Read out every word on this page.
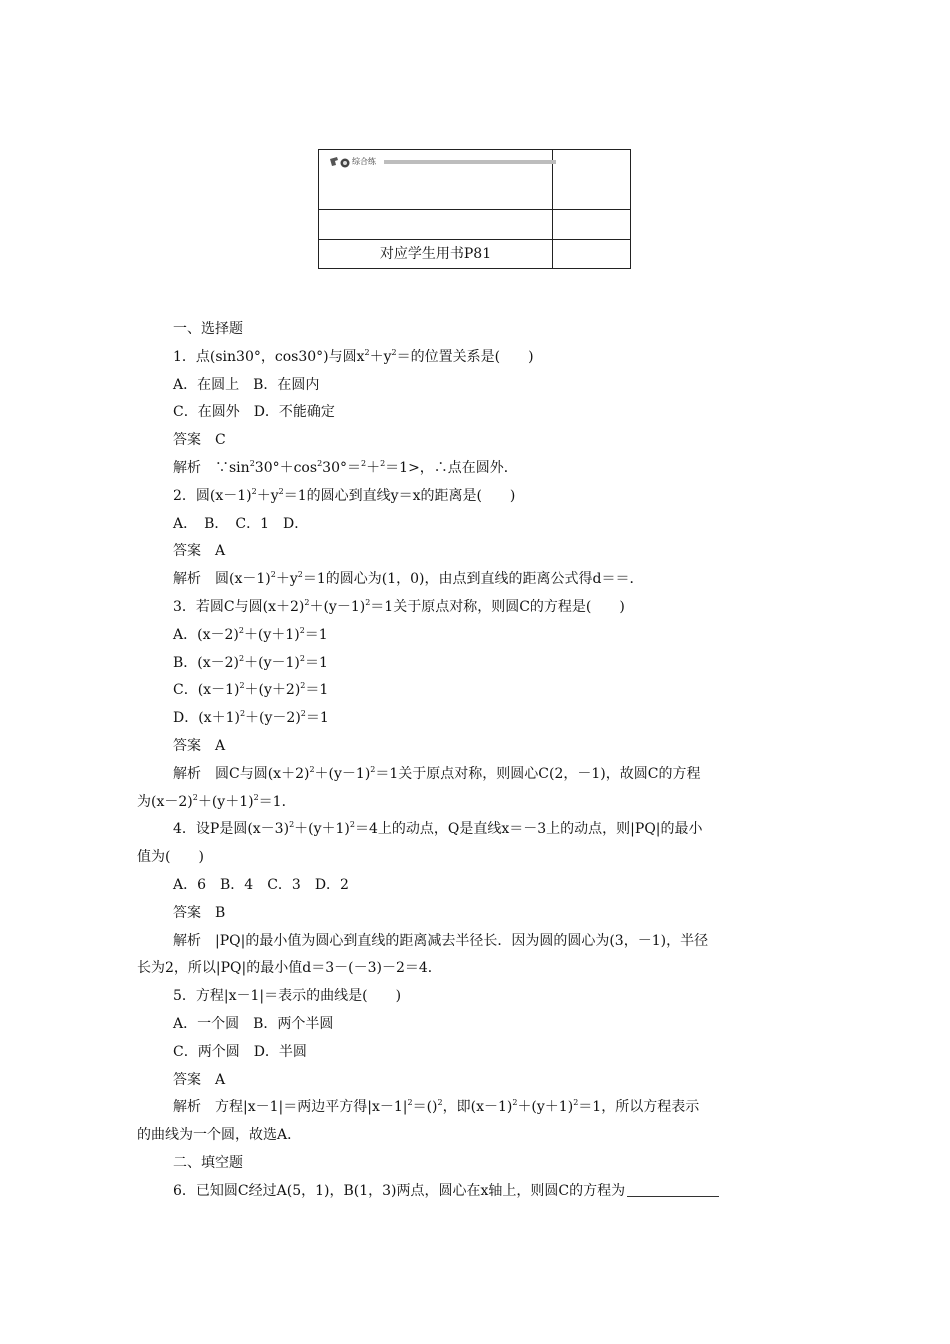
综合练
对应学生用书P81
一、选择题
1．点(sin30°，cos30°)与圆$x^2+y^2=$的位置关系是(　　)
A．在圆上　B．在圆内
C．在圆外　D．不能确定
答案　C
解析　$\because\sin^230^\circ+\cos^230^\circ=^2+^2=1>$，∴点在圆外．
2．圆$(x-1)^2+y^2=1$的圆心到直线y＝x的距离是(　　)
A．　B．　C．1　D．
答案　A
解析　圆$(x-1)^2+y^2=1$的圆心为(1，0)，由点到直线的距离公式得d＝＝．
3．若圆C与圆$(x+2)^2+(y-1)^2=1$关于原点对称，则圆C的方程是(　　)
A．$(x-2)^2+(y+1)^2=1$
B．$(x-2)^2+(y-1)^2=1$
C．$(x-1)^2+(y+2)^2=1$
D．$(x+1)^2+(y-2)^2=1$
答案　A
解析　圆C与圆$(x+2)^2+(y-1)^2=1$关于原点对称，则圆心C(2，－1)，故圆C的方程
为$(x-2)^2+(y+1)^2=1$．
4．设P是圆$(x-3)^2+(y+1)^2=4$上的动点，Q是直线x＝－3上的动点，则|PQ|的最小
值为(　　)
A．6　B．4　C．3　D．2
答案　B
解析　|PQ|的最小值为圆心到直线的距离减去半径长．因为圆的圆心为(3，－1)，半径
长为2，所以|PQ|的最小值d＝3－(－3)－2＝4．
5．方程|x－1|＝表示的曲线是(　　)
A．一个圆　B．两个半圆
C．两个圆　D．半圆
答案　A
解析　方程|x－1|＝两边平方得$|x-1|^2=()^2$，即$(x-1)^2+(y+1)^2=1$，所以方程表示
的曲线为一个圆，故选A．
二、填空题
6．已知圆C经过A(5，1)，B(1，3)两点，圆心在x轴上，则圆C的方程为
